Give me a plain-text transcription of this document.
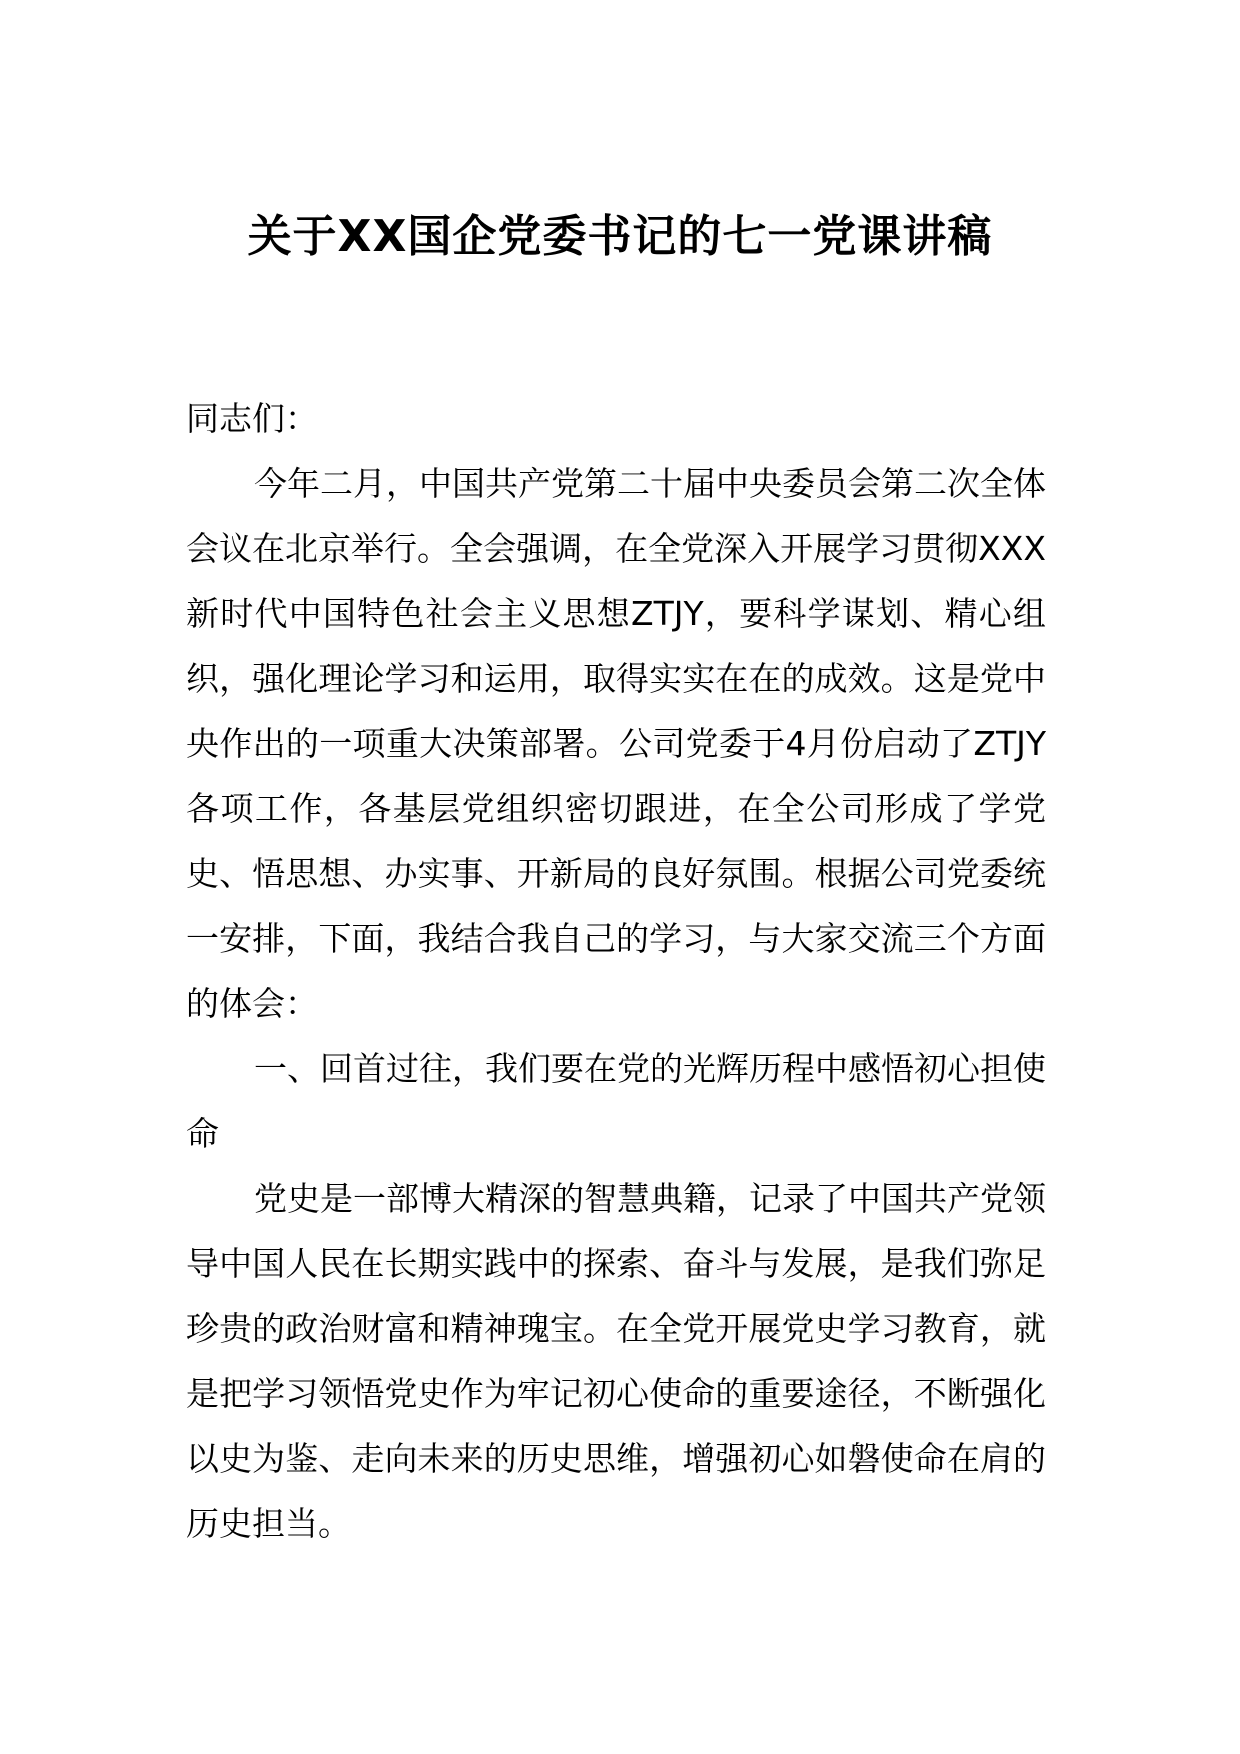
关于XX国企党委书记的七一党课讲稿

同志们：

今年二月，中国共产党第二十届中央委员会第二次全体会议在北京举行。全会强调，在全党深入开展学习贯彻XXX新时代中国特色社会主义思想ZTJY，要科学谋划、精心组织，强化理论学习和运用，取得实实在在的成效。这是党中央作出的一项重大决策部署。公司党委于4月份启动了ZTJY各项工作，各基层党组织密切跟进，在全公司形成了学党史、悟思想、办实事、开新局的良好氛围。根据公司党委统一安排，下面，我结合我自己的学习，与大家交流三个方面的体会：

一、回首过往，我们要在党的光辉历程中感悟初心担使命

党史是一部博大精深的智慧典籍，记录了中国共产党领导中国人民在长期实践中的探索、奋斗与发展，是我们弥足珍贵的政治财富和精神瑰宝。在全党开展党史学习教育，就是把学习领悟党史作为牢记初心使命的重要途径，不断强化以史为鉴、走向未来的历史思维，增强初心如磐使命在肩的历史担当。
